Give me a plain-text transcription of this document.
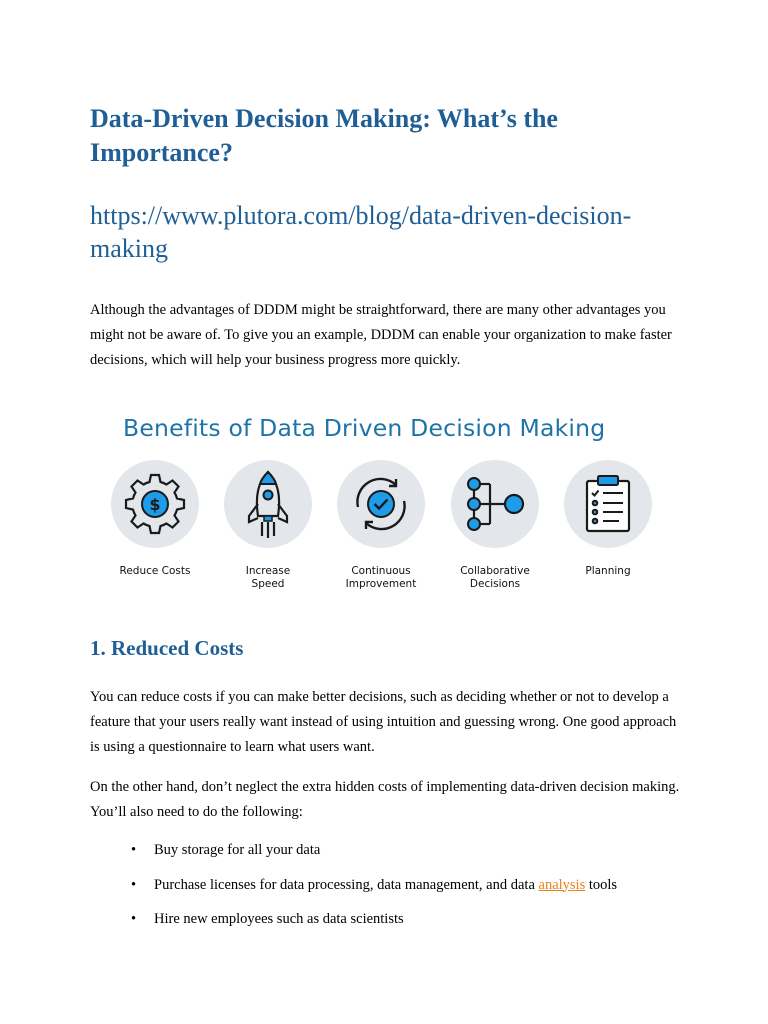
Data-Driven Decision Making: What’s the Importance?
https://www.plutora.com/blog/data-driven-decision-making

Although the advantages of DDDM might be straightforward, there are many other advantages you might not be aware of. To give you an example, DDDM can enable your organization to make faster decisions, which will help your business progress more quickly.

Benefits of Data Driven Decision Making
$
Reduce Costs	Increase
Speed
Continuous
Improvement
Collaborative
Decisions
Planning
1. Reduced Costs

You can reduce costs if you can make better decisions, such as deciding whether or not to develop a feature that your users really want instead of using intuition and guessing wrong. One good approach is using a questionnaire to learn what users want.

On the other hand, don’t neglect the extra hidden costs of implementing data-driven decision making. You’ll also need to do the following:

• Buy storage for all your data
• Purchase licenses for data processing, data management, and data analysis tools
• Hire new employees such as data scientists
